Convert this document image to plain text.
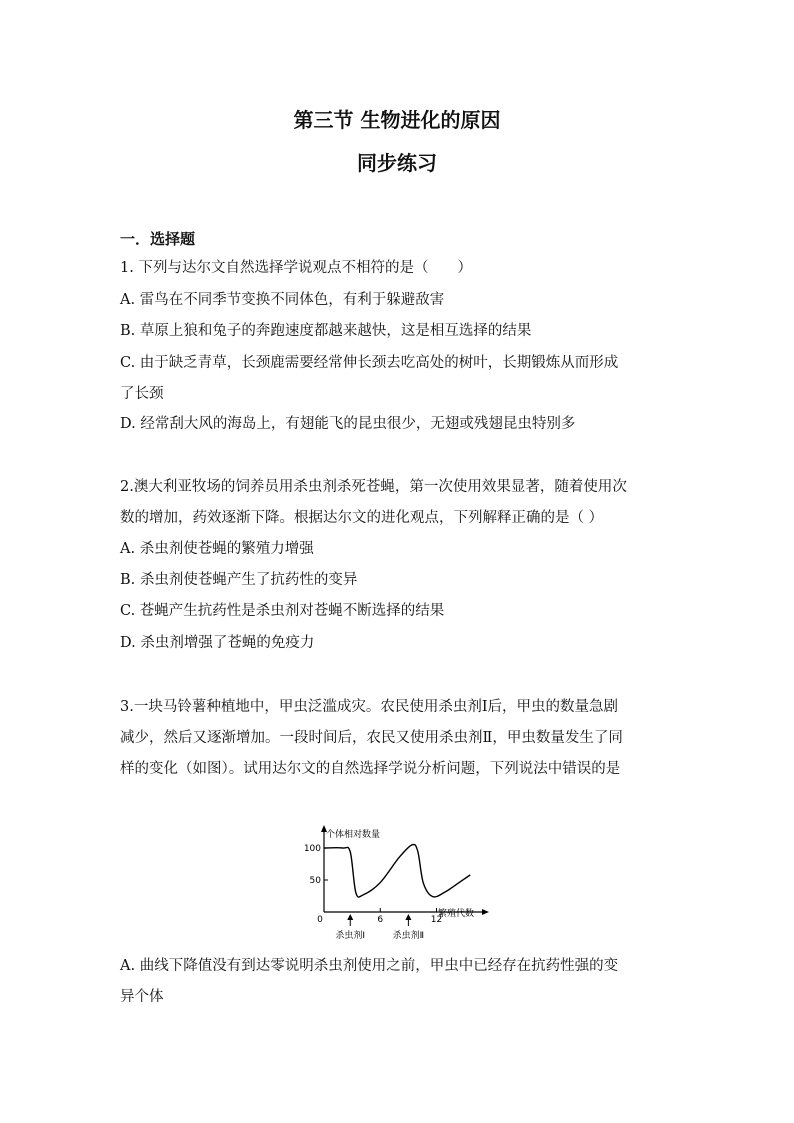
第三节 生物进化的原因
同步练习
一．选择题
1. 下列与达尔文自然选择学说观点不相符的是（　　）
A. 雷鸟在不同季节变换不同体色，有利于躲避敌害
B. 草原上狼和兔子的奔跑速度都越来越快，这是相互选择的结果
C. 由于缺乏青草，长颈鹿需要经常伸长颈去吃高处的树叶，长期锻炼从而形成
了长颈
D. 经常刮大风的海岛上，有翅能飞的昆虫很少，无翅或残翅昆虫特别多
2.澳大利亚牧场的饲养员用杀虫剂杀死苍蝇，第一次使用效果显著，随着使用次
数的增加，药效逐渐下降。根据达尔文的进化观点，下列解释正确的是（ ）
A. 杀虫剂使苍蝇的繁殖力增强
B. 杀虫剂使苍蝇产生了抗药性的变异
C. 苍蝇产生抗药性是杀虫剂对苍蝇不断选择的结果
D. 杀虫剂增强了苍蝇的免疫力
3.一块马铃薯种植地中，甲虫泛滥成灾。农民使用杀虫剂Ⅰ后，甲虫的数量急剧
减少，然后又逐渐增加。一段时间后，农民又使用杀虫剂Ⅱ，甲虫数量发生了同
样的变化（如图）。试用达尔文的自然选择学说分析问题，下列说法中错误的是
50
100
0	6	12
杀虫剂Ⅰ	杀虫剂Ⅱ
个体相对数量
繁殖代数
A. 曲线下降值没有到达零说明杀虫剂使用之前，甲虫中已经存在抗药性强的变
异个体
